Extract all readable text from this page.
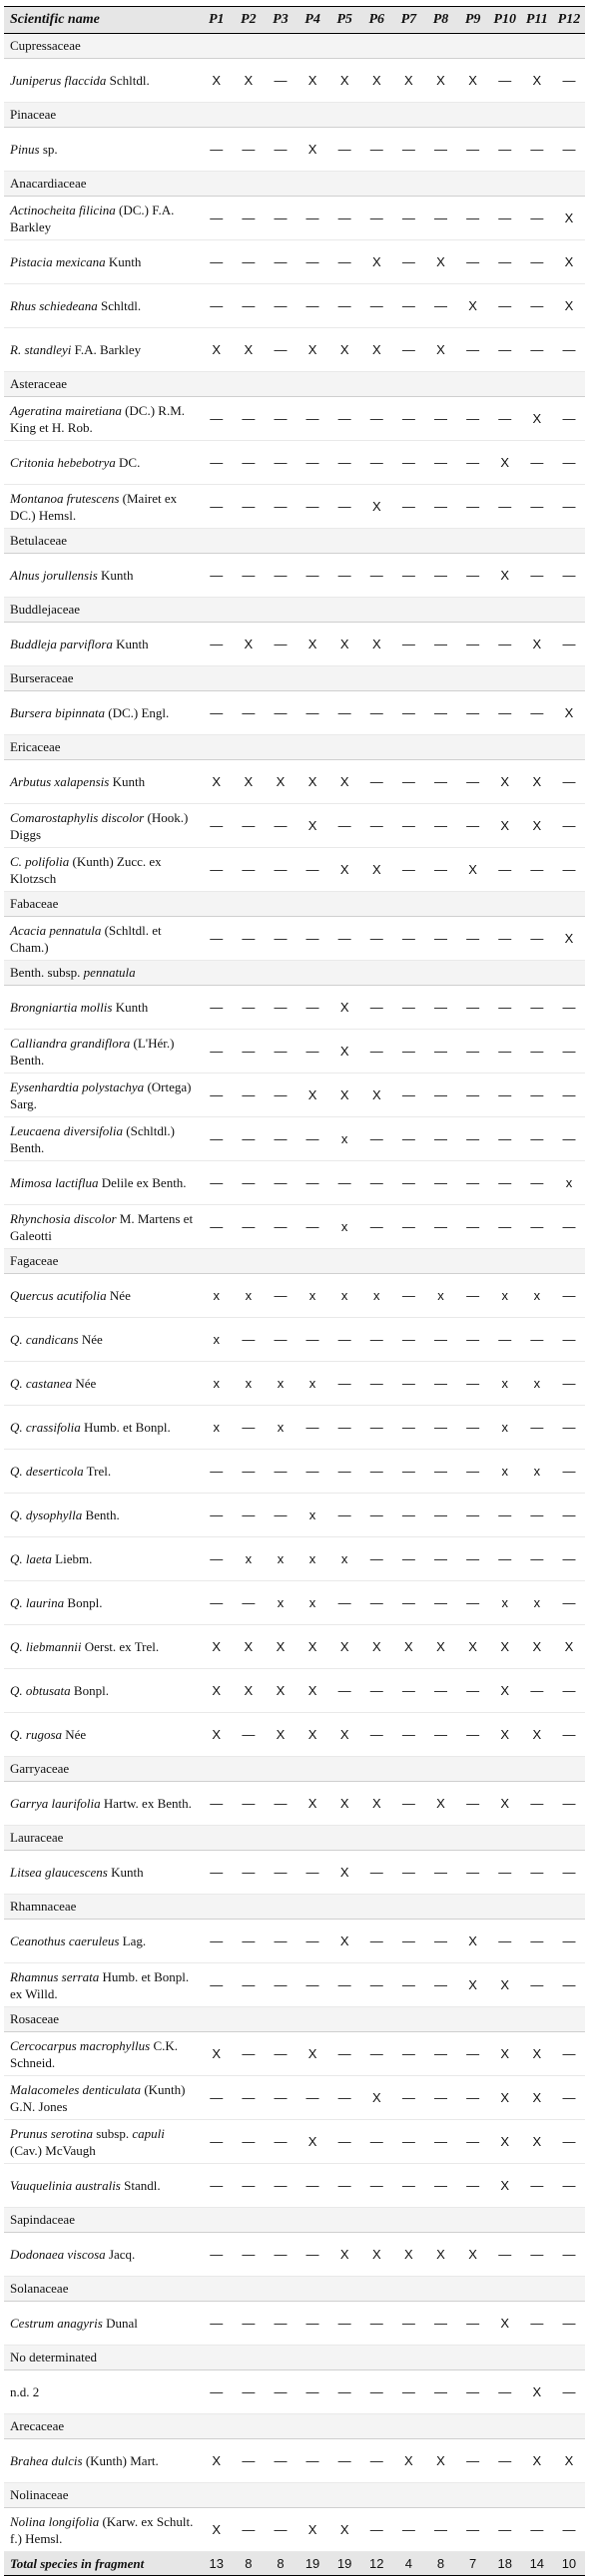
Scientific name	P1	P2	P3	P4	P5	P6	P7	P8	P9	P10	P11	P12
Cupressaceae												
Juniperus flaccida Schltdl.	X	X	—	X	X	X	X	X	X	—	X	—
Pinaceae												
Pinus sp.	—	—	—	X	—	—	—	—	—	—	—	—
Anacardiaceae												
Actinocheita filicina (DC.) F.A. Barkley	—	—	—	—	—	—	—	—	—	—	—	X
Pistacia mexicana Kunth	—	—	—	—	—	X	—	X	—	—	—	X
Rhus schiedeana Schltdl.	—	—	—	—	—	—	—	—	X	—	—	X
R. standleyi F.A. Barkley	X	X	—	X	X	X	—	X	—	—	—	—
Asteraceae												
Ageratina mairetiana (DC.) R.M. King et H. Rob.	—	—	—	—	—	—	—	—	—	—	X	—
Critonia hebebotrya DC.	—	—	—	—	—	—	—	—	—	X	—	—
Montanoa frutescens (Mairet ex DC.) Hemsl.	—	—	—	—	—	X	—	—	—	—	—	—
Betulaceae												
Alnus jorullensis Kunth	—	—	—	—	—	—	—	—	—	X	—	—
Buddlejaceae												
Buddleja parviflora Kunth	—	X	—	X	X	X	—	—	—	—	X	—
Burseraceae												
Bursera bipinnata (DC.) Engl.	—	—	—	—	—	—	—	—	—	—	—	X
Ericaceae												
Arbutus xalapensis Kunth	X	X	X	X	X	—	—	—	—	X	X	—
Comarostaphylis discolor (Hook.) Diggs	—	—	—	X	—	—	—	—	—	X	X	—
C. polifolia (Kunth) Zucc. ex Klotzsch	—	—	—	—	X	X	—	—	X	—	—	—
Fabaceae												
Acacia pennatula (Schltdl. et Cham.)	—	—	—	—	—	—	—	—	—	—	—	X
Benth. subsp. pennatula												
Brongniartia mollis Kunth	—	—	—	—	X	—	—	—	—	—	—	—
Calliandra grandiflora (L'Hér.) Benth.	—	—	—	—	X	—	—	—	—	—	—	—
Eysenhardtia polystachya (Ortega) Sarg.	—	—	—	X	X	X	—	—	—	—	—	—
Leucaena diversifolia (Schltdl.) Benth.	—	—	—	—	x	—	—	—	—	—	—	—
Mimosa lactiflua Delile ex Benth.	—	—	—	—	—	—	—	—	—	—	—	x
Rhynchosia discolor M. Martens et Galeotti	—	—	—	—	x	—	—	—	—	—	—	—
Fagaceae												
Quercus acutifolia Née	x	x	—	x	x	x	—	x	—	x	x	—
Q. candicans Née	x	—	—	—	—	—	—	—	—	—	—	—
Q. castanea Née	x	x	x	x	—	—	—	—	—	x	x	—
Q. crassifolia Humb. et Bonpl.	x	—	x	—	—	—	—	—	—	x	—	—
Q. deserticola Trel.	—	—	—	—	—	—	—	—	—	x	x	—
Q. dysophylla Benth.	—	—	—	x	—	—	—	—	—	—	—	—
Q. laeta Liebm.	—	x	x	x	x	—	—	—	—	—	—	—
Q. laurina Bonpl.	—	—	x	x	—	—	—	—	—	x	x	—
Q. liebmannii Oerst. ex Trel.	X	X	X	X	X	X	X	X	X	X	X	X
Q. obtusata Bonpl.	X	X	X	X	—	—	—	—	—	X	—	—
Q. rugosa Née	X	—	X	X	X	—	—	—	—	X	X	—
Garryaceae												
Garrya laurifolia Hartw. ex Benth.	—	—	—	X	X	X	—	X	—	X	—	—
Lauraceae												
Litsea glaucescens Kunth	—	—	—	—	X	—	—	—	—	—	—	—
Rhamnaceae												
Ceanothus caeruleus Lag.	—	—	—	—	X	—	—	—	X	—	—	—
Rhamnus serrata Humb. et Bonpl. ex Willd.	—	—	—	—	—	—	—	—	X	X	—	—
Rosaceae												
Cercocarpus macrophyllus C.K. Schneid.	X	—	—	X	—	—	—	—	—	X	X	—
Malacomeles denticulata (Kunth) G.N. Jones	—	—	—	—	—	X	—	—	—	X	X	—
Prunus serotina subsp. capuli (Cav.) McVaugh	—	—	—	X	—	—	—	—	—	X	X	—
Vauquelinia australis Standl.	—	—	—	—	—	—	—	—	—	X	—	—
Sapindaceae												
Dodonaea viscosa Jacq.	—	—	—	—	X	X	X	X	X	—	—	—
Solanaceae												
Cestrum anagyris Dunal	—	—	—	—	—	—	—	—	—	X	—	—
No determinated												
n.d. 2	—	—	—	—	—	—	—	—	—	—	X	—
Arecaceae												
Brahea dulcis (Kunth) Mart.	X	—	—	—	—	—	X	X	—	—	X	X
Nolinaceae												
Nolina longifolia (Karw. ex Schult. f.) Hemsl.	X	—	—	X	X	—	—	—	—	—	—	—
Total species in fragment	13	8	8	19	19	12	4	8	7	18	14	10
